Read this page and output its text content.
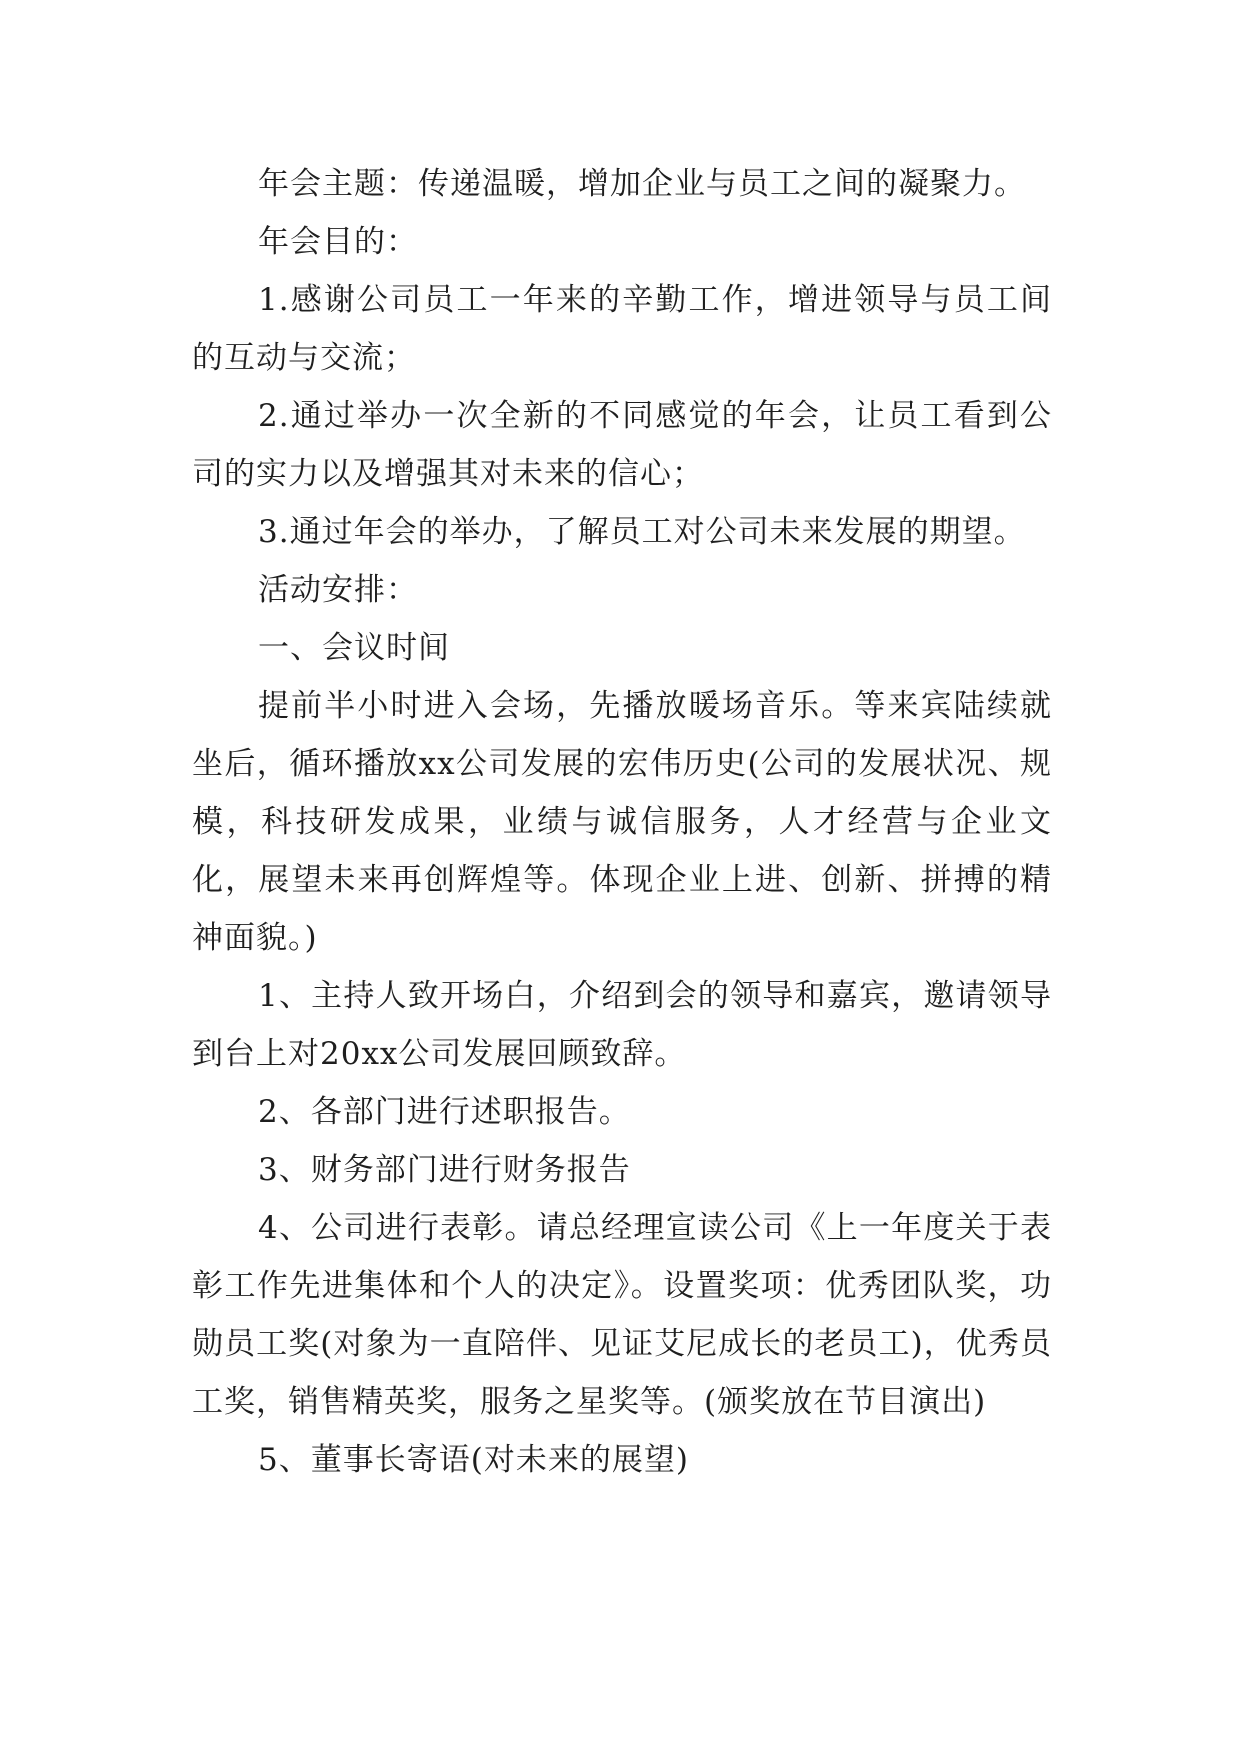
年会主题：传递温暖，增加企业与员工之间的凝聚力。

年会目的：

1.感谢公司员工一年来的辛勤工作，增进领导与员工间的互动与交流；

2.通过举办一次全新的不同感觉的年会，让员工看到公司的实力以及增强其对未来的信心；

3.通过年会的举办，了解员工对公司未来发展的期望。

活动安排：

一、会议时间

提前半小时进入会场，先播放暖场音乐。等来宾陆续就坐后，循环播放xx公司发展的宏伟历史(公司的发展状况、规模，科技研发成果，业绩与诚信服务，人才经营与企业文化，展望未来再创辉煌等。体现企业上进、创新、拼搏的精神面貌。)

1、主持人致开场白，介绍到会的领导和嘉宾，邀请领导到台上对20xx公司发展回顾致辞。

2、各部门进行述职报告。

3、财务部门进行财务报告

4、公司进行表彰。请总经理宣读公司《上一年度关于表彰工作先进集体和个人的决定》。设置奖项：优秀团队奖，功勋员工奖(对象为一直陪伴、见证艾尼成长的老员工)，优秀员工奖，销售精英奖，服务之星奖等。(颁奖放在节目演出)

5、董事长寄语(对未来的展望)
